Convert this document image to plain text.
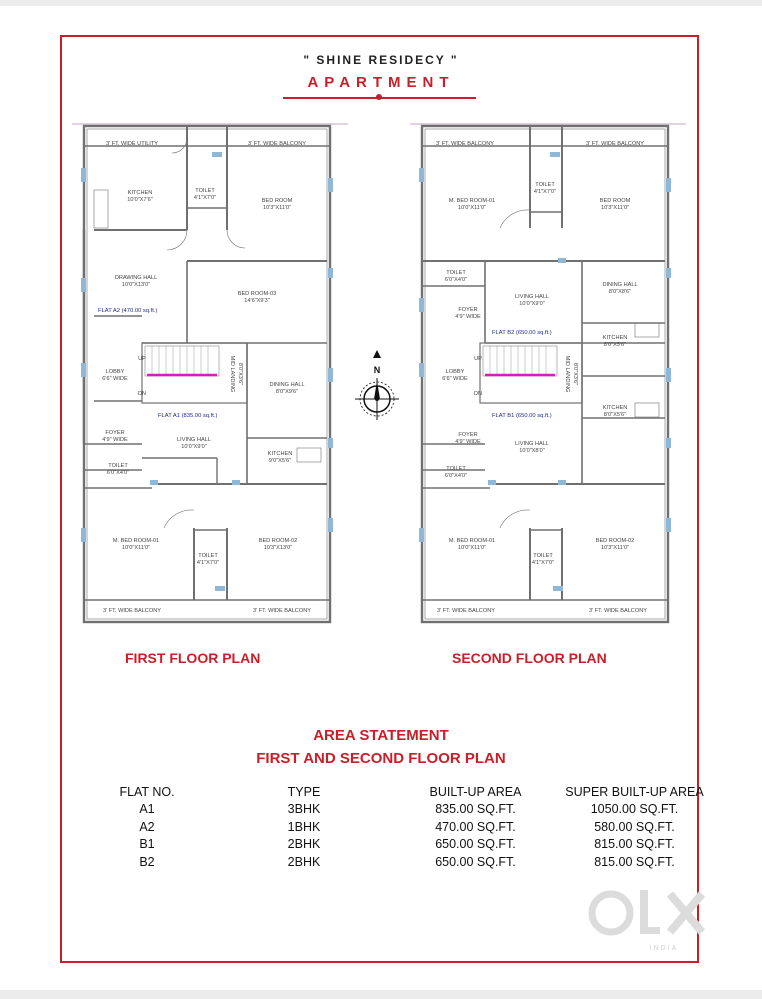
" SHINE RESIDECY "
APARTMENT
3' FT. WIDE UTILITY	3' FT. WIDE BALCONY
KITCHEN
10'0"X7'6"
TOILET
4'1"X7'0"	BED ROOM
10'3"X11'0"
DRAWING HALL
10'0"X13'0"
BED ROOM-03
14'6"X9'3"
FLAT A2 (470.00 sq.ft.)
LOBBY
6'6" WIDE
UP
DN
MID LANDING 8'0"X3'6"	DINING HALL
8'0"X9'6"
FLAT A1 (835.00 sq.ft.)
FOYER
4'9" WIDE	LIVING HALL
10'0"X9'0"
KITCHEN
9'0"X5'6"
TOILET
6'0"X4'0"
M. BED ROOM-01
10'0"X11'0"
TOILET
4'1"X7'0"
BED ROOM-02
10'3"X13'0"
3' FT. WIDE BALCONY	3' FT. WIDE BALCONY
3' FT. WIDE BALCONY	3' FT. WIDE BALCONY
M. BED ROOM-01
10'0"X11'0"
TOILET
4'1"X7'0"
BED ROOM
10'3"X11'0"
TOILET
6'0"X4'0"
LIVING HALL
10'0"X9'0"
DINING HALL
8'0"X8'6"
FOYER
4'9" WIDE
FLAT B2 (650.00 sq.ft.)
KITCHEN
8'0"X5'6"
LOBBY
6'6" WIDE
UP
DN
MID LANDING 8'0"X3'6"
FLAT B1 (650.00 sq.ft.)
KITCHEN
8'0"X5'6"
FOYER
4'9" WIDE	LIVING HALL
10'0"X8'0"
TOILET
6'0"X4'0"
M. BED ROOM-01
10'0"X11'0"
TOILET
4'1"X7'0"
BED ROOM-02
10'3"X11'0"
3' FT. WIDE BALCONY	3' FT. WIDE BALCONY
N
FIRST FLOOR PLAN	SECOND FLOOR PLAN
AREA STATEMENT
FIRST AND SECOND FLOOR PLAN
FLAT NO.	TYPE	BUILT-UP AREA	SUPER BUILT-UP AREA
A1	3BHK	835.00 SQ.FT.	1050.00 SQ.FT.
A2	1BHK	470.00 SQ.FT.	580.00 SQ.FT.
B1	2BHK	650.00 SQ.FT.	815.00 SQ.FT.
B2	2BHK	650.00 SQ.FT.	815.00 SQ.FT.
INDIA
